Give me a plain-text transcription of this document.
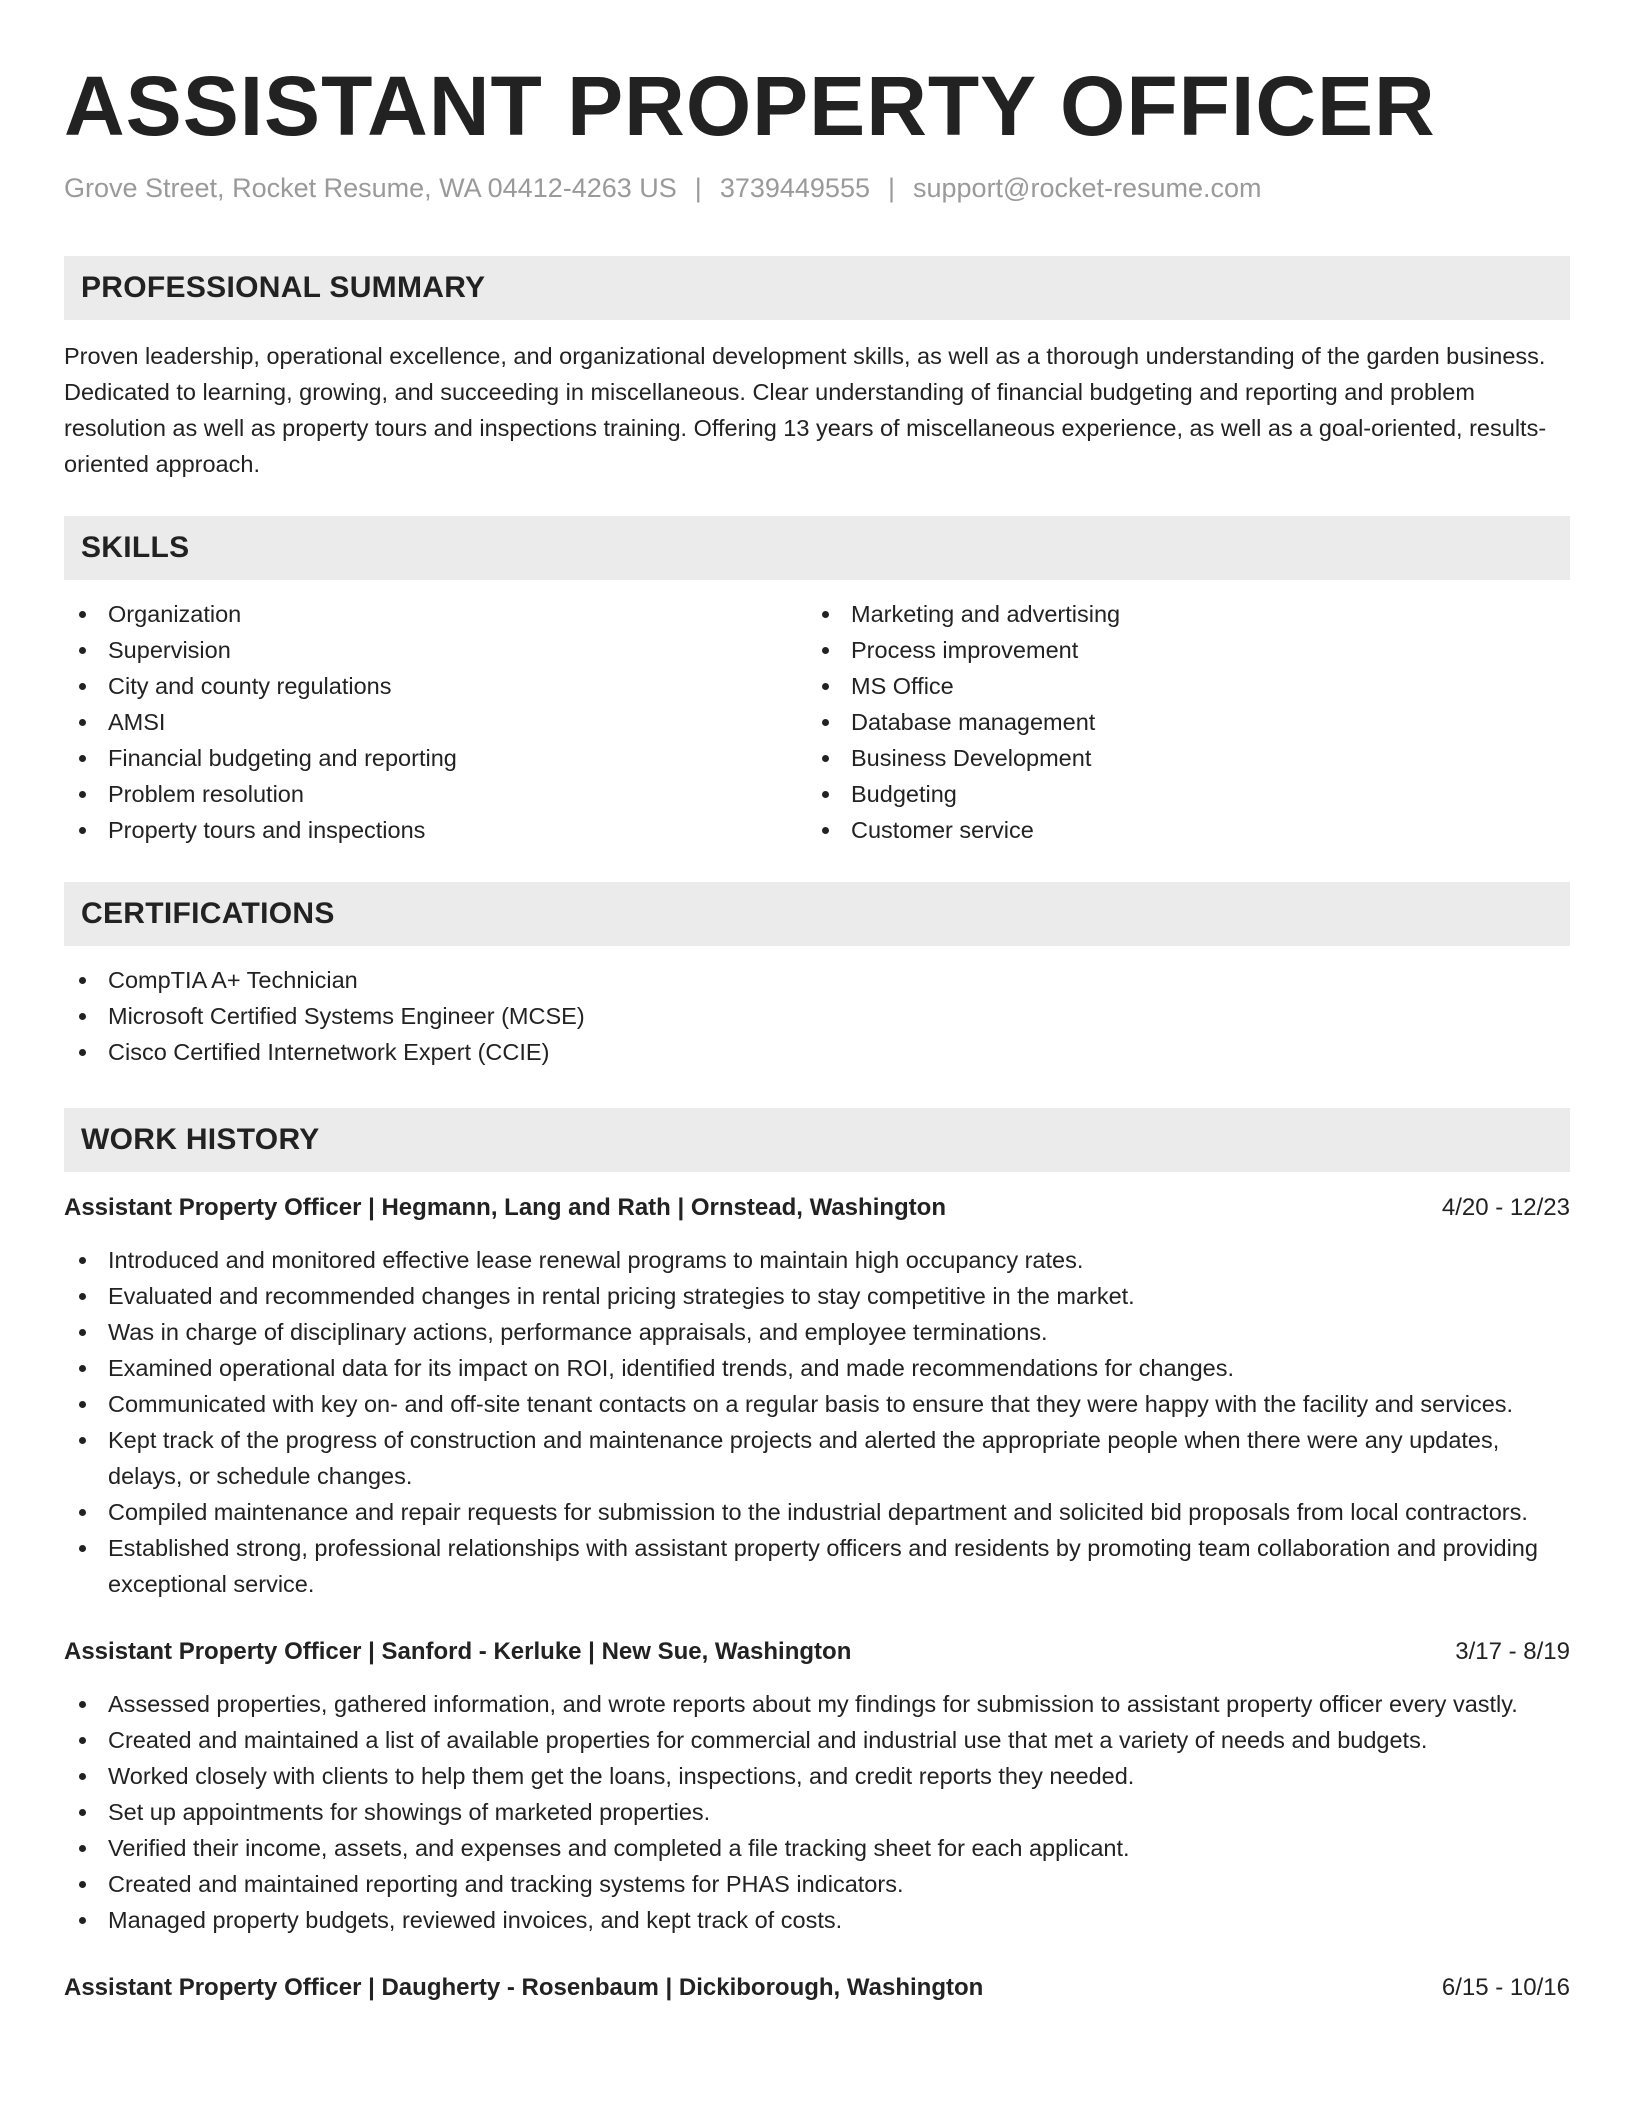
ASSISTANT PROPERTY OFFICER
Grove Street, Rocket Resume, WA 04412-4263 US | 3739449555 | support@rocket-resume.com
PROFESSIONAL SUMMARY

Proven leadership, operational excellence, and organizational development skills, as well as a thorough understanding of the garden business. Dedicated to learning, growing, and succeeding in miscellaneous. Clear understanding of financial budgeting and reporting and problem resolution as well as property tours and inspections training. Offering 13 years of miscellaneous experience, as well as a goal-oriented, results-oriented approach.

SKILLS
Organization
Supervision
City and county regulations
AMSI
Financial budgeting and reporting
Problem resolution
Property tours and inspections
Marketing and advertising
Process improvement
MS Office
Database management
Business Development
Budgeting
Customer service
CERTIFICATIONS
CompTIA A+ Technician
Microsoft Certified Systems Engineer (MCSE)
Cisco Certified Internetwork Expert (CCIE)
WORK HISTORY
Assistant Property Officer | Hegmann, Lang and Rath | Ornstead, Washington	4/20 - 12/23
Introduced and monitored effective lease renewal programs to maintain high occupancy rates.
Evaluated and recommended changes in rental pricing strategies to stay competitive in the market.
Was in charge of disciplinary actions, performance appraisals, and employee terminations.
Examined operational data for its impact on ROI, identified trends, and made recommendations for changes.
Communicated with key on- and off-site tenant contacts on a regular basis to ensure that they were happy with the facility and services.
Kept track of the progress of construction and maintenance projects and alerted the appropriate people when there were any updates, delays, or schedule changes.
Compiled maintenance and repair requests for submission to the industrial department and solicited bid proposals from local contractors.
Established strong, professional relationships with assistant property officers and residents by promoting team collaboration and providing exceptional service.
Assistant Property Officer | Sanford - Kerluke | New Sue, Washington	3/17 - 8/19
Assessed properties, gathered information, and wrote reports about my findings for submission to assistant property officer every vastly.
Created and maintained a list of available properties for commercial and industrial use that met a variety of needs and budgets.
Worked closely with clients to help them get the loans, inspections, and credit reports they needed.
Set up appointments for showings of marketed properties.
Verified their income, assets, and expenses and completed a file tracking sheet for each applicant.
Created and maintained reporting and tracking systems for PHAS indicators.
Managed property budgets, reviewed invoices, and kept track of costs.
Assistant Property Officer | Daugherty - Rosenbaum | Dickiborough, Washington	6/15 - 10/16
